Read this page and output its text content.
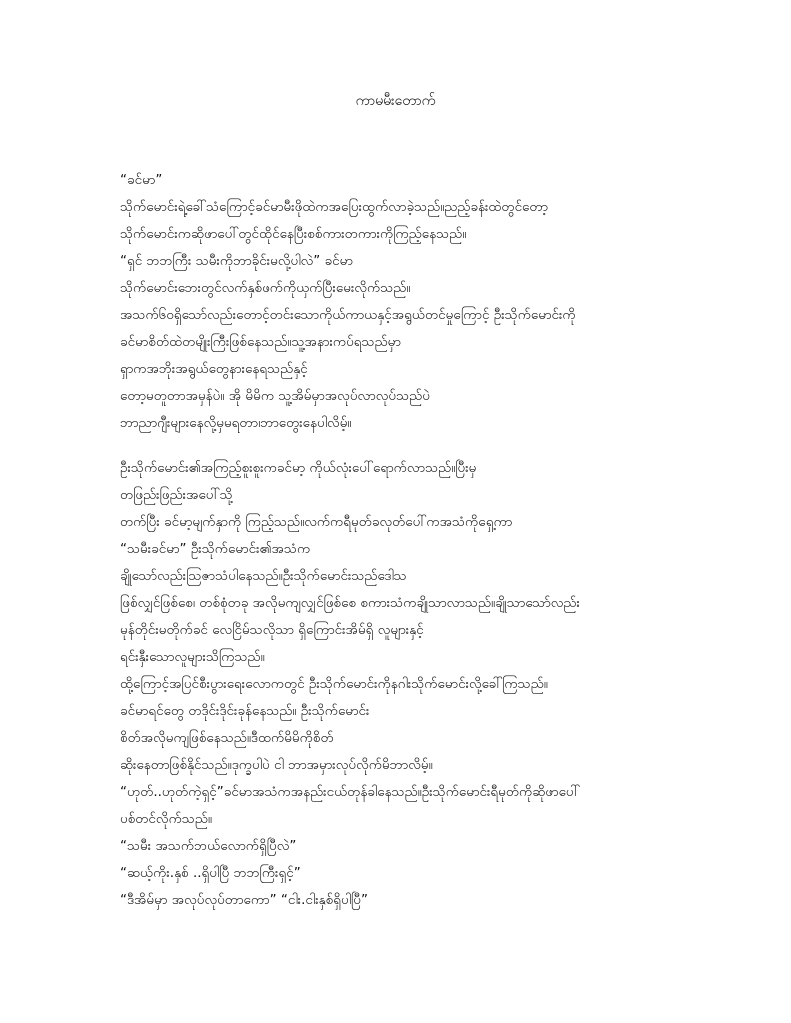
ကာမမီးတောက်
“ခင်မာ”
သိုက်မောင်းရဲ့ခေါ်သံကြောင့်ခင်မာမီးဖိုထဲကအပြေးထွက်လာခဲ့သည်။ညည့်ခန်းထဲတွင်တော့
သိုက်မောင်းကဆိုဖာပေါ်တွင်ထိုင်နေပြီးစစ်ကားတကားကိုကြည့်နေသည်။
“ရှင် ဘဘကြီး သမီးကိုဘာခိုင်းမလို့ပါလဲ” ခင်မာ
သိုက်မောင်းဘေးတွင်လက်နှစ်ဖက်ကိုယှက်ပြီးမေးလိုက်သည်။
အသက်၆၀ရှိသော်လည်းတောင့်တင်းသောကိုယ်ကာယနှင့်အရွယ်တင်မှုကြောင့် ဦးသိုက်မောင်းကို
ခင်မာစိတ်ထဲတမျိုးကြီးဖြစ်နေသည်။သူ့အနားကပ်ရသည်မှာ
ရှာကအဘိုးအရွယ်တွေနားနေရသည်နှင့်
တော့မတူတာအမှန်ပဲ။ အို မိမိက သူ့အိမ်မှာအလုပ်လာလုပ်သည်ပဲ
ဘာညာဂျီးများနေလို့မှမရတာ၊ဘာတွေးနေပါလိမ့်။
ဦးသိုက်မောင်း၏အကြည့်စူးစူးကခင်မာ့ ကိုယ်လုံးပေါ်ရောက်လာသည်။ပြီးမှ
တဖြည်းဖြည်းအပေါ်သို့
တက်ပြီး ခင်မာ့မျက်နှာကို ကြည့်သည်။လက်ကရီမုတ်ခလုတ်ပေါ်ကအသံကိုရှေ့ကာ
“သမီးခင်မာ” ဦးသိုက်မောင်း၏အသံက
ချိုသော်လည်းသြဇာသံပါနေသည်။ဦးသိုက်မောင်းသည်ဒေါသ
ဖြစ်လျှင်ဖြစ်စေ၊ တစ်စုံတခု အလိုမကျလျှင်ဖြစ်စေ စကားသံကချိုသာလာသည်။ချိုသာသော်လည်း
မုန်တိုင်းမတိုက်ခင် လေငြိမ်သလိုသာ ရှိကြောင်းအိမ်ရှိ လူများနှင့်
ရင်းနှီးသောလူများသိကြသည်။
ထို့ကြောင့်အပြင်စီးပွားရေးလောကတွင် ဦးသိုက်မောင်းကိုနဂါးသိုက်မောင်းလို့ခေါ်ကြသည်။
ခင်မာရင်တွေ တဒိုင်းဒိုင်းခုန်နေသည်။ ဦးသိုက်မောင်း
စိတ်အလိုမကျဖြစ်နေသည်။ဒီထက်မိမိကိုစိတ်
ဆိုးနေတာဖြစ်နိုင်သည်။ဒုက္ခပါပဲ ငါ ဘာအမှားလုပ်လိုက်မိဘာလိမ့်။
“ဟုတ်..ဟုတ်ကဲ့ရှင့်”ခင်မာအသံကအနည်းငယ်တုန်ခါနေသည်။ဦးသိုက်မောင်းရီမုတ်ကိုဆိုဖာပေါ်
ပစ်တင်လိုက်သည်။
“သမီး အသက်ဘယ်လောက်ရှိပြီလဲ”
“ဆယ့်ကိုး.နှစ် ..ရှိပါပြီ ဘဘကြီးရှင့်”
“ဒီအိမ်မှာ အလုပ်လုပ်တာကော” “ငါး.ငါးနှစ်ရှိပါပြီ”
